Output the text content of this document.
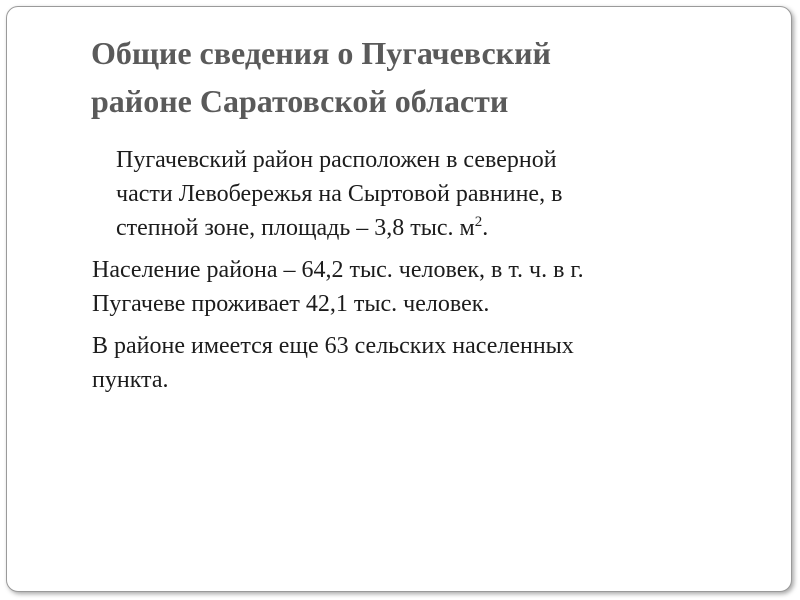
Общие сведения о Пугачевский
районе Саратовской области

Пугачевский район расположен в северной
части Левобережья на Сыртовой равнине, в
степной зоне, площадь – 3,8 тыс. $м^2$.

Население района – 64,2 тыс. человек, в т. ч. в г.
Пугачеве проживает 42,1 тыс. человек.

В районе имеется еще 63 сельских населенных
пункта.
